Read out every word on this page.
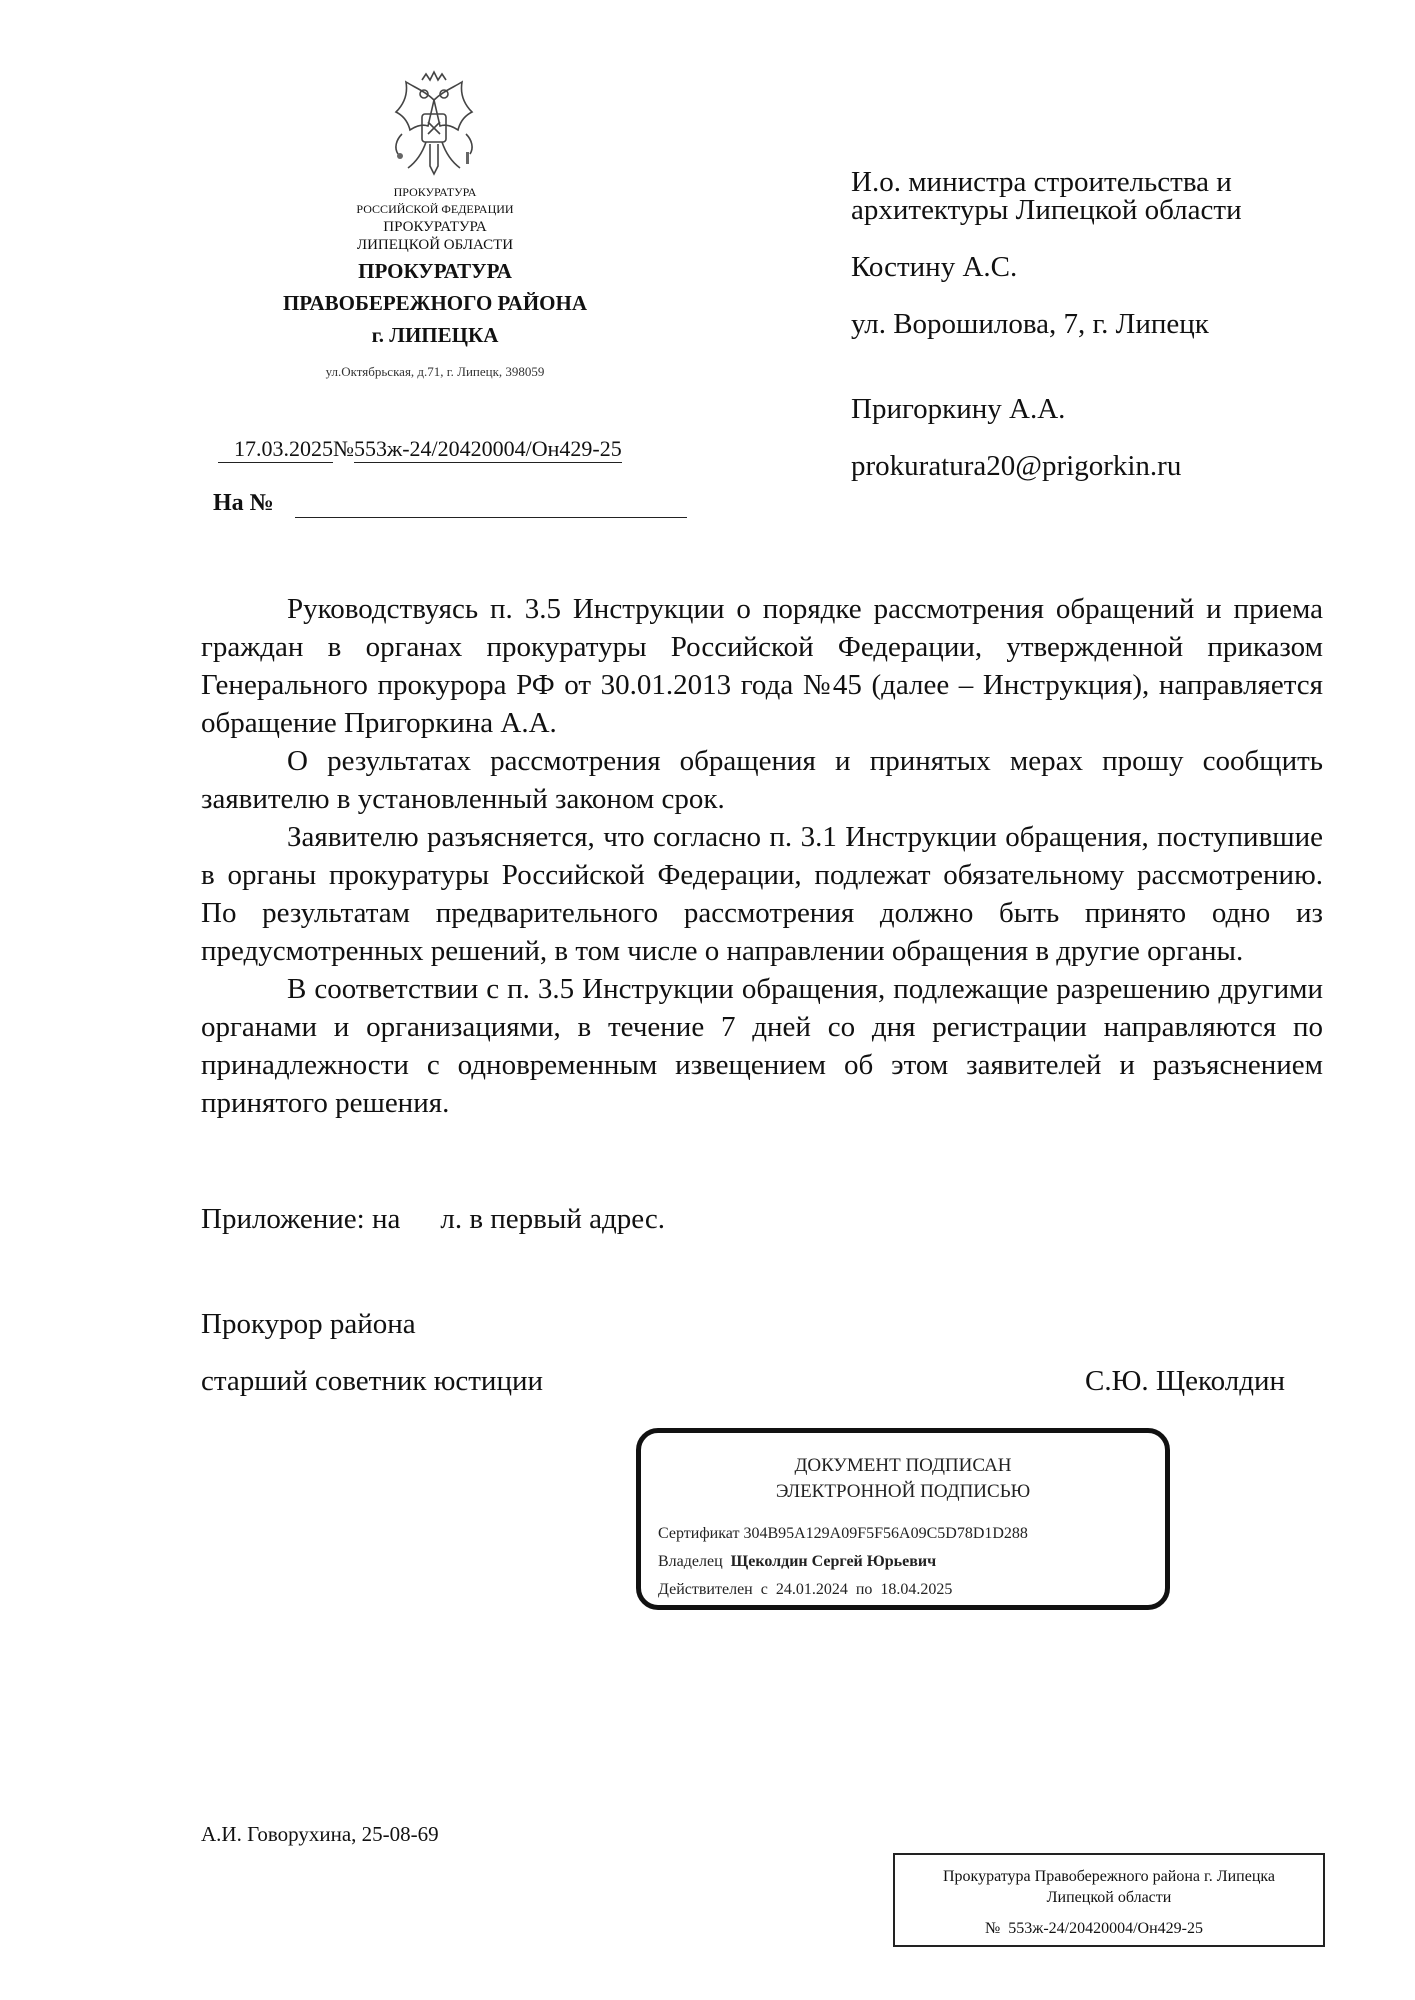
ПРОКУРАТУРА
РОССИЙСКОЙ ФЕДЕРАЦИИ
ПРОКУРАТУРА
ЛИПЕЦКОЙ ОБЛАСТИ
ПРОКУРАТУРА
ПРАВОБЕРЕЖНОГО РАЙОНА
г. ЛИПЕЦКА
ул.Октябрьская, д.71, г. Липецк, 398059
17.03.2025№553ж-24/20420004/Он429-25
На №
И.о. министра строительства и
архитектуры Липецкой области
Костину А.С.
ул. Ворошилова, 7, г. Липецк
Пригоркину А.А.
prokuratura20@prigorkin.ru

Руководствуясь п. 3.5 Инструкции о порядке рассмотрения обращений и приема граждан в органах прокуратуры Российской Федерации, утвержденной приказом Генерального прокурора РФ от 30.01.2013 года №45 (далее – Инструкция), направляется обращение Пригоркина А.А.

О результатах рассмотрения обращения и принятых мерах прошу сообщить заявителю в установленный законом срок.

Заявителю разъясняется, что согласно п. 3.1 Инструкции обращения, поступившие в органы прокуратуры Российской Федерации, подлежат обязательному рассмотрению. По результатам предварительного рассмотрения должно быть принято одно из предусмотренных решений, в том числе о направлении обращения в другие органы.

В соответствии с п. 3.5 Инструкции обращения, подлежащие разрешению другими органами и организациями, в течение 7 дней со дня регистрации направляются по принадлежности с одновременным извещением об этом заявителей и разъяснением принятого решения.

Приложение: на л. в первый адрес.
Прокурор района
старший советник юстиции	С.Ю. Щеколдин
ДОКУМЕНТ ПОДПИСАН
ЭЛЕКТРОННОЙ ПОДПИСЬЮ
Сертификат 304B95A129A09F5F56A09C5D78D1D288
Владелец Щеколдин Сергей Юрьевич
Действителен с 24.01.2024 по 18.04.2025
А.И. Говорухина, 25-08-69
Прокуратура Правобережного района г. Липецка
Липецкой области
№ 553ж-24/20420004/Он429-25
